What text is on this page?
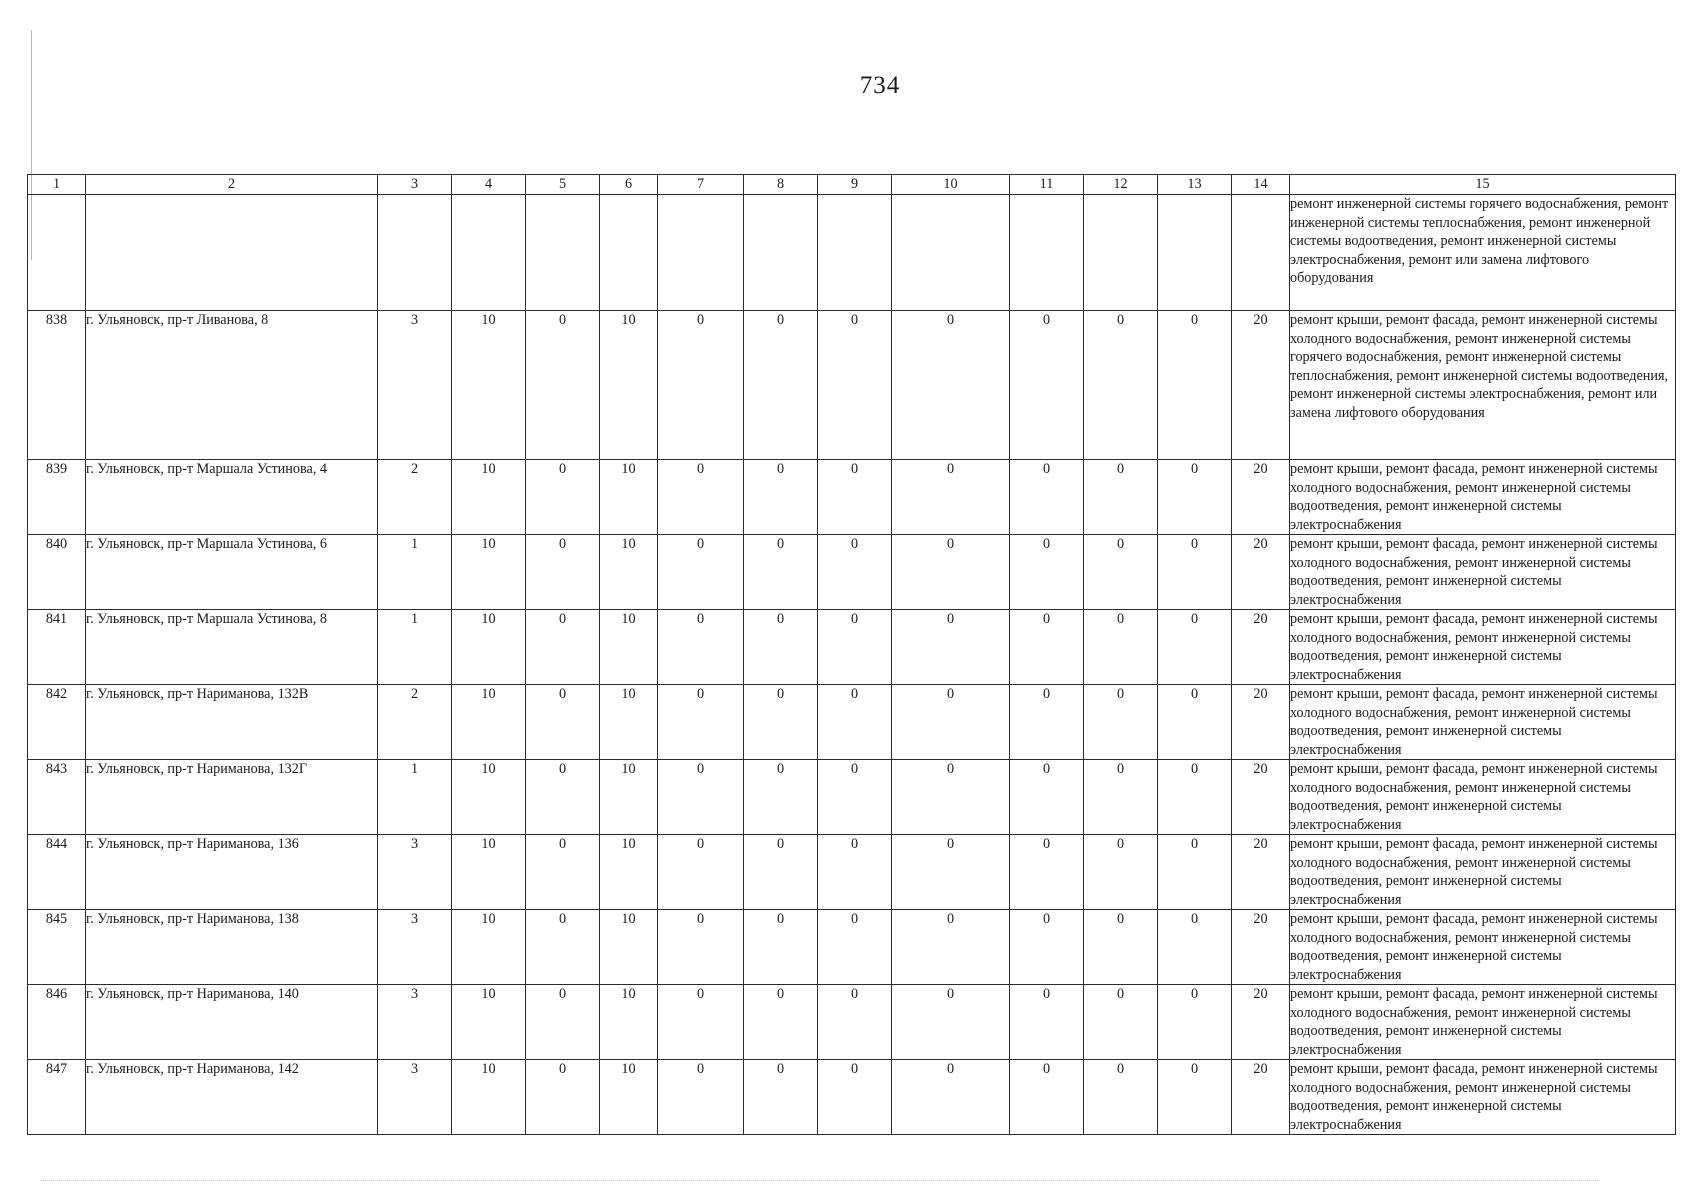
734
1	2	3	4	5	6	7	8	9	10	11	12	13	14	15
														ремонт инженерной системы горячего водоснабжения, ремонт инженерной системы теплоснабжения, ремонт инженерной системы водоотведения, ремонт инженерной системы электроснабжения, ремонт или замена лифтового оборудования
838	г. Ульяновск, пр-т Ливанова, 8	3	10	0	10	0	0	0	0	0	0	0	20	ремонт крыши, ремонт фасада, ремонт инженерной системы холодного водоснабжения, ремонт инженерной системы горячего водоснабжения, ремонт инженерной системы теплоснабжения, ремонт инженерной системы водоотведения, ремонт инженерной системы электроснабжения, ремонт или замена лифтового оборудования
839	г. Ульяновск, пр-т Маршала Устинова, 4	2	10	0	10	0	0	0	0	0	0	0	20	ремонт крыши, ремонт фасада, ремонт инженерной системы холодного водоснабжения, ремонт инженерной системы водоотведения, ремонт инженерной системы электроснабжения
840	г. Ульяновск, пр-т Маршала Устинова, 6	1	10	0	10	0	0	0	0	0	0	0	20	ремонт крыши, ремонт фасада, ремонт инженерной системы холодного водоснабжения, ремонт инженерной системы водоотведения, ремонт инженерной системы электроснабжения
841	г. Ульяновск, пр-т Маршала Устинова, 8	1	10	0	10	0	0	0	0	0	0	0	20	ремонт крыши, ремонт фасада, ремонт инженерной системы холодного водоснабжения, ремонт инженерной системы водоотведения, ремонт инженерной системы электроснабжения
842	г. Ульяновск, пр-т Нариманова, 132В	2	10	0	10	0	0	0	0	0	0	0	20	ремонт крыши, ремонт фасада, ремонт инженерной системы холодного водоснабжения, ремонт инженерной системы водоотведения, ремонт инженерной системы электроснабжения
843	г. Ульяновск, пр-т Нариманова, 132Г	1	10	0	10	0	0	0	0	0	0	0	20	ремонт крыши, ремонт фасада, ремонт инженерной системы холодного водоснабжения, ремонт инженерной системы водоотведения, ремонт инженерной системы электроснабжения
844	г. Ульяновск, пр-т Нариманова, 136	3	10	0	10	0	0	0	0	0	0	0	20	ремонт крыши, ремонт фасада, ремонт инженерной системы холодного водоснабжения, ремонт инженерной системы водоотведения, ремонт инженерной системы электроснабжения
845	г. Ульяновск, пр-т Нариманова, 138	3	10	0	10	0	0	0	0	0	0	0	20	ремонт крыши, ремонт фасада, ремонт инженерной системы холодного водоснабжения, ремонт инженерной системы водоотведения, ремонт инженерной системы электроснабжения
846	г. Ульяновск, пр-т Нариманова, 140	3	10	0	10	0	0	0	0	0	0	0	20	ремонт крыши, ремонт фасада, ремонт инженерной системы холодного водоснабжения, ремонт инженерной системы водоотведения, ремонт инженерной системы электроснабжения
847	г. Ульяновск, пр-т Нариманова, 142	3	10	0	10	0	0	0	0	0	0	0	20	ремонт крыши, ремонт фасада, ремонт инженерной системы холодного водоснабжения, ремонт инженерной системы водоотведения, ремонт инженерной системы электроснабжения
